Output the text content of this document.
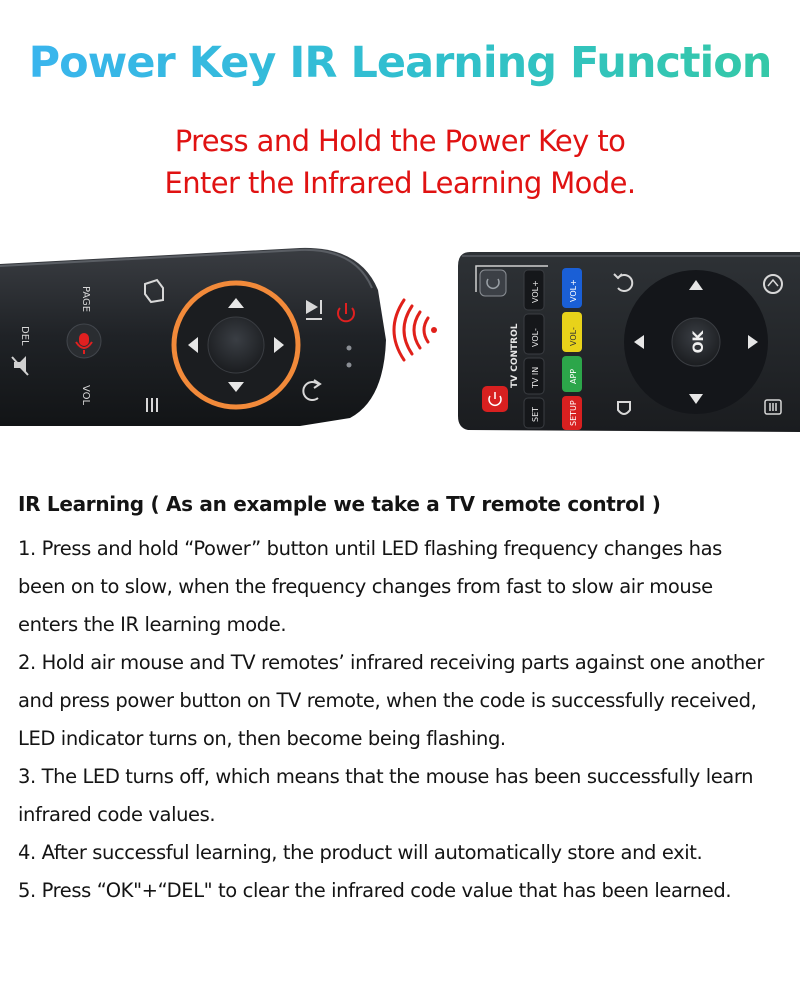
Power Key IR Learning Function
Press and Hold the Power Key to
Enter the Infrared Learning Mode.
DEL
PAGE
VOL
TV CONTROL
VOL+
VOL-
TV IN
SET
VOL+
VOL-
APP
SETUP
OK
IR Learning ( As an example we take a TV remote control )
1. Press and hold “Power” button until LED flashing frequency changes has
been on to slow, when the frequency changes from fast to slow air mouse
enters the IR learning mode.
2. Hold air mouse and TV remotes’ infrared receiving parts against one another
and press power button on TV remote, when the code is successfully received,
LED indicator turns on, then become being flashing.
3. The LED turns off, which means that the mouse has been successfully learn
infrared code values.
4. After successful learning, the product will automatically store and exit.
5. Press “OK"+“DEL" to clear the infrared code value that has been learned.
